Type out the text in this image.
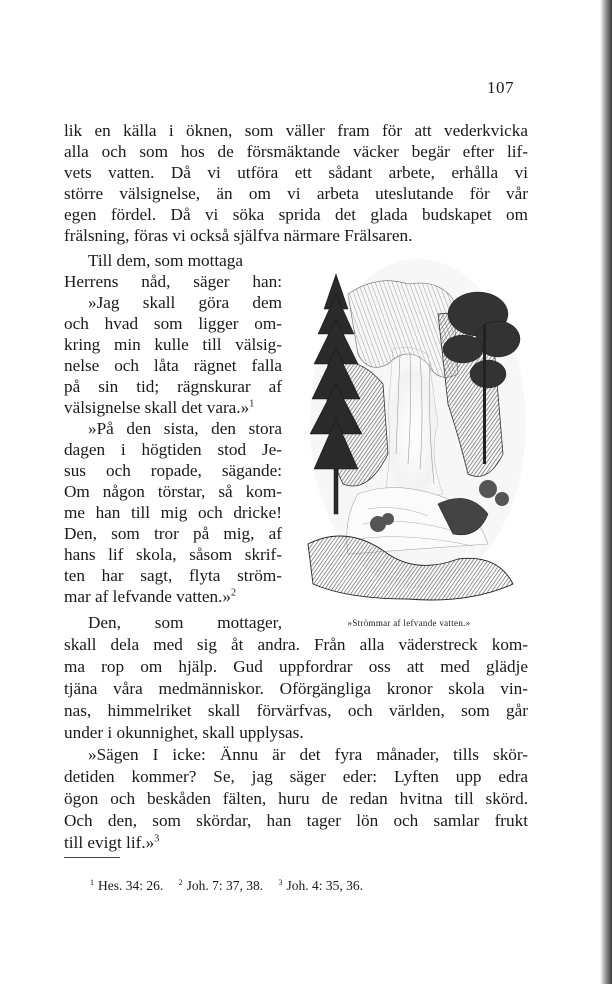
107
lik en källa i öknen, som väller fram för att vederkvicka
alla och som hos de försmäktande väcker begär efter lif-
vets vatten. Då vi utföra ett sådant arbete, erhålla vi
större välsignelse, än om vi arbeta uteslutande för vår
egen fördel. Då vi söka sprida det glada budskapet om
frälsning, föras vi också själfva närmare Frälsaren.
Till dem, som mottaga
Herrens nåd, säger han:
»Jag skall göra dem
och hvad som ligger om-
kring min kulle till välsig-
nelse och låta rägnet falla
på sin tid; rägnskurar af
välsignelse skall det vara.»$^1$
»På den sista, den stora
dagen i högtiden stod Je-
sus och ropade, sägande:
Om någon törstar, så kom-
me han till mig och dricke!
Den, som tror på mig, af
hans lif skola, såsom skrif-
ten har sagt, flyta ström-
mar af lefvande vatten.»$^2$
Den, som mottager,	»Strömmar af lefvande vatten.»
skall dela med sig åt andra. Från alla väderstreck kom-
ma rop om hjälp. Gud uppfordrar oss att med glädje
tjäna våra medmänniskor. Oförgängliga kronor skola vin-
nas, himmelriket skall förvärfvas, och världen, som går
under i okunnighet, skall upplysas.
»Sägen I icke: Ännu är det fyra månader, tills skör-
detiden kommer? Se, jag säger eder: Lyften upp edra
ögon och beskåden fälten, huru de redan hvitna till skörd.
Och den, som skördar, han tager lön och samlar frukt
till evigt lif.»$^3$
$^1$ Hes. 34: 26. $^2$ Joh. 7: 37, 38. $^3$ Joh. 4: 35, 36.
